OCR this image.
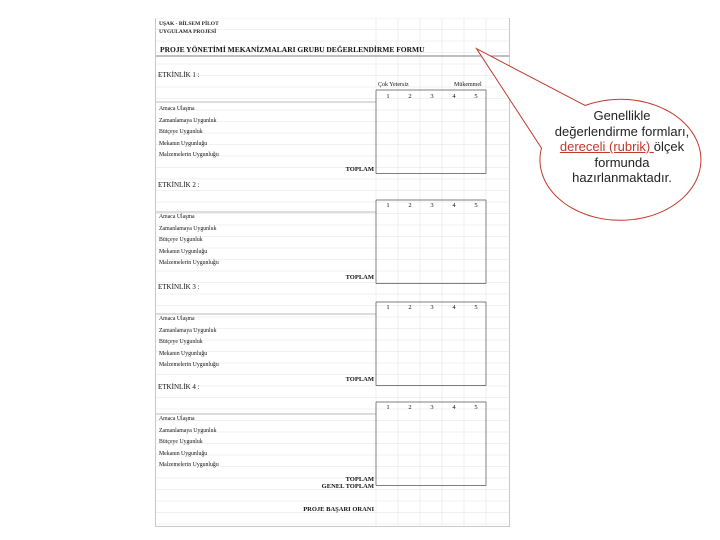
UŞAK - BİLSEM PİLOT
UYGULAMA PROJESİ
PROJE YÖNETİMİ MEKANİZMALARI GRUBU DEĞERLENDİRME FORMU
Çok Yetersiz	Mükemmel
ETKİNLİK 1 :
1	2	3	4	5
Amaca Ulaşma
Zamanlamaya Uygunluk
Bütçeye Uygunluk
Mekanın Uygunluğu
Malzemelerin Uygunluğu
TOPLAM
ETKİNLİK 2 :
1	2	3	4	5
Amaca Ulaşma
Zamanlamaya Uygunluk
Bütçeye Uygunluk
Mekanın Uygunluğu
Malzemelerin Uygunluğu
TOPLAM
ETKİNLİK 3 :
1	2	3	4	5
Amaca Ulaşma
Zamanlamaya Uygunluk
Bütçeye Uygunluk
Mekanın Uygunluğu
Malzemelerin Uygunluğu
TOPLAM
ETKİNLİK 4 :
1	2	3	4	5
Amaca Ulaşma
Zamanlamaya Uygunluk
Bütçeye Uygunluk
Mekanın Uygunluğu
Malzemelerin Uygunluğu
TOPLAM
GENEL TOPLAM
PROJE BAŞARI ORANI
Genellikle değerlendirme formları, dereceli (rubrik) ölçek formunda hazırlanmaktadır.
